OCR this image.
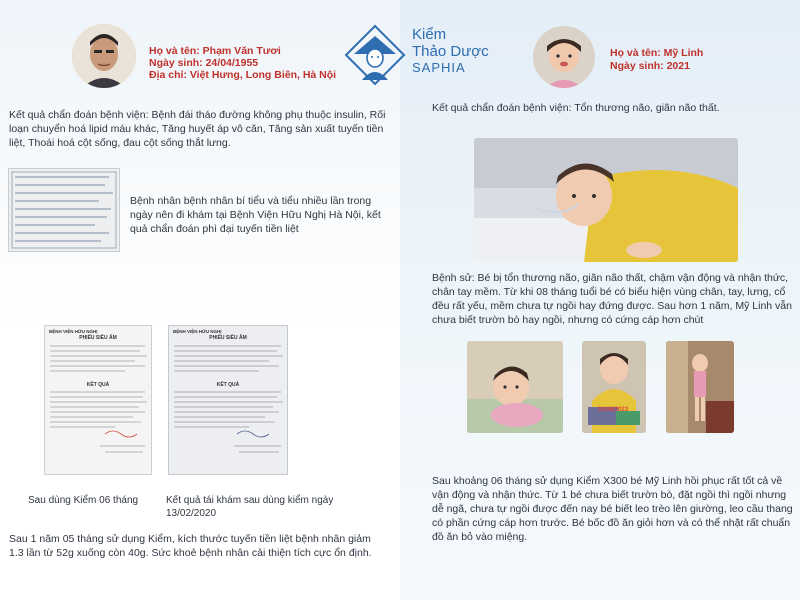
Họ và tên: Phạm Văn Tươi
Ngày sinh: 24/04/1955
Địa chỉ: Việt Hưng, Long Biên, Hà Nội
Kiểm
Thảo Dược
SAPHIA
Kết quả chẩn đoán bệnh viện: Bệnh đái tháo đường không phụ thuộc insulin, Rối loạn chuyển hoá lipid máu khác, Tăng huyết áp vô căn, Tăng sản xuất tuyến tiền liệt, Thoái hoá cột sống, đau cột sống thắt lưng.
Bệnh nhân bệnh nhân bí tiểu và tiểu nhiều lần trong ngày nên đi khám tại Bệnh Viện Hữu Nghị Hà Nội, kết quả chẩn đoán phì đại tuyến tiền liệt
BỆNH VIỆN HỮU NGHỊ
PHIẾU SIÊU ÂM
KẾT QUẢ
Sau dùng Kiểm 06 tháng
BỆNH VIỆN HỮU NGHỊ
PHIẾU SIÊU ÂM
KẾT QUẢ
Kết quả tái khám sau dùng kiểm ngày 13/02/2020
Sau 1 năm 05 tháng sử dụng Kiểm, kích thước tuyến tiền liệt bệnh nhân giảm 1.3 lần từ 52g xuống còn 40g. Sức khoẻ bệnh nhân cải thiện tích cực ổn định.
Họ và tên: Mỹ Linh
Ngày sinh: 2021
Kết quả chẩn đoán bệnh viện: Tổn thương não, giãn não thất.
Bệnh sử: Bé bị tổn thương não, giãn não thất, chậm vận động và nhận thức, chân tay mềm. Từ khi 08 tháng tuổi bé có biểu hiện vùng chân, tay, lưng, cổ đều rất yếu, mềm chưa tự ngồi hay đứng được. Sau hơn 1 năm, Mỹ Linh vẫn chưa biết trườn bò hay ngồi, nhưng có cứng cáp hơn chút
01/06/2023
Sau khoảng 06 tháng sử dụng Kiểm X300 bé Mỹ Linh hồi phục rất tốt cả về vận động và nhận thức. Từ 1 bé chưa biết trườn bò, đặt ngồi thì ngồi nhưng dễ ngã, chưa tự ngồi được đến nay bé biết leo trèo lên giường, leo cầu thang có phần cứng cáp hơn trước. Bé bốc đồ ăn giỏi hơn và có thể nhặt rất chuẩn đồ ăn bỏ vào miệng.
